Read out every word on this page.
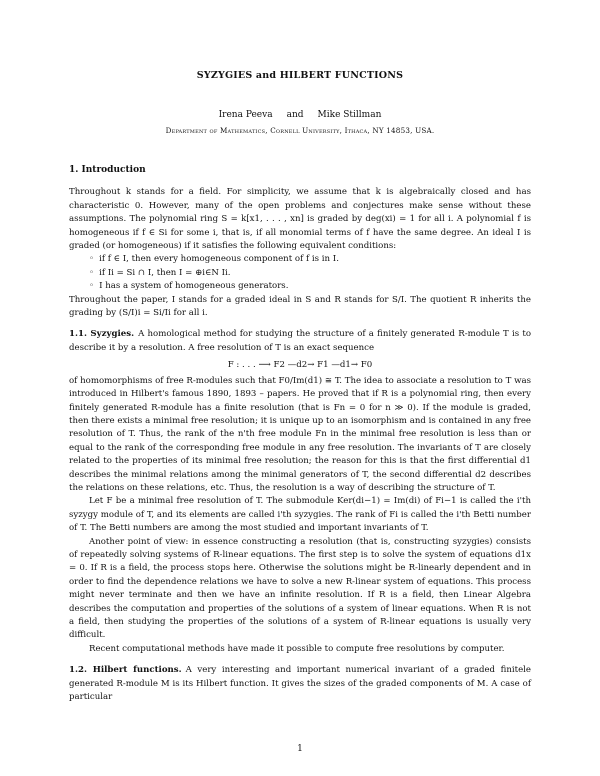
SYZYGIES and HILBERT FUNCTIONS
Irena Peeva and Mike Stillman
Department of Mathematics, Cornell University, Ithaca, NY 14853, USA.
1. Introduction

Throughout k stands for a field. For simplicity, we assume that k is algebraically closed and has characteristic 0. However, many of the open problems and conjectures make sense without these assumptions. The polynomial ring S = k[x1, . . . , xn] is graded by deg(xi) = 1 for all i. A polynomial f is homogeneous if f ∈ Si for some i, that is, if all monomial terms of f have the same degree. An ideal I is graded (or homogeneous) if it satisfies the following equivalent conditions:

◦ if f ∈ I, then every homogeneous component of f is in I.
◦ if Ii = Si ∩ I, then I = ⊕i∈N Ii.
◦ I has a system of homogeneous generators.

Throughout the paper, I stands for a graded ideal in S and R stands for S/I. The quotient R inherits the grading by (S/I)i = Si/Ii for all i.

1.1. Syzygies. A homological method for studying the structure of a finitely generated R-module T is to describe it by a resolution. A free resolution of T is an exact sequence

F : . . . ⟶ F2 —d2→ F1 —d1→ F0

of homomorphisms of free R-modules such that F0/Im(d1) ≅ T. The idea to associate a resolution to T was introduced in Hilbert's famous 1890, 1893 – papers. He proved that if R is a polynomial ring, then every finitely generated R-module has a finite resolution (that is Fn = 0 for n ≫ 0). If the module is graded, then there exists a minimal free resolution; it is unique up to an isomorphism and is contained in any free resolution of T. Thus, the rank of the n'th free module Fn in the minimal free resolution is less than or equal to the rank of the corresponding free module in any free resolution. The invariants of T are closely related to the properties of its minimal free resolution; the reason for this is that the first differential d1 describes the minimal relations among the minimal generators of T, the second differential d2 describes the relations on these relations, etc. Thus, the resolution is a way of describing the structure of T.

Let F be a minimal free resolution of T. The submodule Ker(di−1) = Im(di) of Fi−1 is called the i'th syzygy module of T, and its elements are called i'th syzygies. The rank of Fi is called the i'th Betti number of T. The Betti numbers are among the most studied and important invariants of T.

Another point of view: in essence constructing a resolution (that is, constructing syzygies) consists of repeatedly solving systems of R-linear equations. The first step is to solve the system of equations d1x = 0. If R is a field, the process stops here. Otherwise the solutions might be R-linearly dependent and in order to find the dependence relations we have to solve a new R-linear system of equations. This process might never terminate and then we have an infinite resolution. If R is a field, then Linear Algebra describes the computation and properties of the solutions of a system of linear equations. When R is not a field, then studying the properties of the solutions of a system of R-linear equations is usually very difficult.

Recent computational methods have made it possible to compute free resolutions by computer.

1.2. Hilbert functions. A very interesting and important numerical invariant of a graded finitele generated R-module M is its Hilbert function. It gives the sizes of the graded components of M. A case of particular

1
